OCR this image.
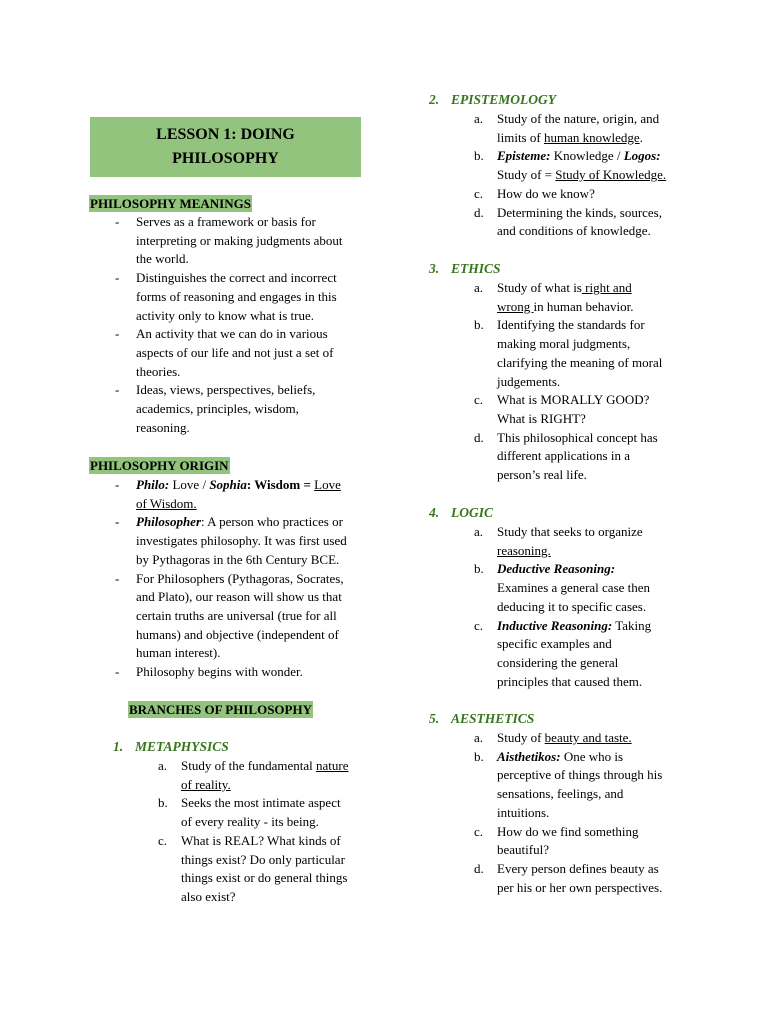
LESSON 1: DOING
PHILOSOPHY
PHILOSOPHY MEANINGS
- Serves as a framework or basis for
interpreting or making judgments about
the world.
- Distinguishes the correct and incorrect
forms of reasoning and engages in this
activity only to know what is true.
- An activity that we can do in various
aspects of our life and not just a set of
theories.
- Ideas, views, perspectives, beliefs,
academics, principles, wisdom,
reasoning.
PHILOSOPHY ORIGIN
- Philo: Love / Sophia: Wisdom = Love
of Wisdom.
- Philosopher: A person who practices or
investigates philosophy. It was first used
by Pythagoras in the 6th Century BCE.
- For Philosophers (Pythagoras, Socrates,
and Plato), our reason will show us that
certain truths are universal (true for all
humans) and objective (independent of
human interest).
- Philosophy begins with wonder.
BRANCHES OF PHILOSOPHY
1. METAPHYSICS
a. Study of the fundamental nature
of reality.
b. Seeks the most intimate aspect
of every reality - its being.
c. What is REAL? What kinds of
things exist? Do only particular
things exist or do general things
also exist?
2. EPISTEMOLOGY
a. Study of the nature, origin, and
limits of human knowledge.
b. Episteme: Knowledge / Logos:
Study of = Study of Knowledge.
c. How do we know?
d. Determining the kinds, sources,
and conditions of knowledge.
3. ETHICS
a. Study of what is right and
wrong in human behavior.
b. Identifying the standards for
making moral judgments,
clarifying the meaning of moral
judgements.
c. What is MORALLY GOOD?
What is RIGHT?
d. This philosophical concept has
different applications in a
person’s real life.
4. LOGIC
a. Study that seeks to organize
reasoning.
b. Deductive Reasoning:
Examines a general case then
deducing it to specific cases.
c. Inductive Reasoning: Taking
specific examples and
considering the general
principles that caused them.
5. AESTHETICS
a. Study of beauty and taste.
b. Aisthetikos: One who is
perceptive of things through his
sensations, feelings, and
intuitions.
c. How do we find something
beautiful?
d. Every person defines beauty as
per his or her own perspectives.
